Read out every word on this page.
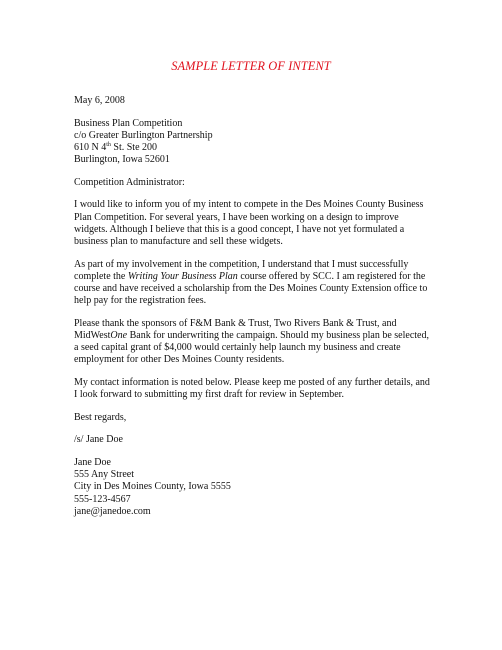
SAMPLE LETTER OF INTENT
May 6, 2008
Business Plan Competition
c/o Greater Burlington Partnership
610 N 4th St. Ste 200
Burlington, Iowa 52601
Competition Administrator:
I would like to inform you of my intent to compete in the Des Moines County Business
Plan Competition. For several years, I have been working on a design to improve
widgets. Although I believe that this is a good concept, I have not yet formulated a
business plan to manufacture and sell these widgets.
As part of my involvement in the competition, I understand that I must successfully
complete the Writing Your Business Plan course offered by SCC. I am registered for the
course and have received a scholarship from the Des Moines County Extension office to
help pay for the registration fees.
Please thank the sponsors of F&M Bank & Trust, Two Rivers Bank & Trust, and
MidWestOne Bank for underwriting the campaign. Should my business plan be selected,
a seed capital grant of $4,000 would certainly help launch my business and create
employment for other Des Moines County residents.
My contact information is noted below. Please keep me posted of any further details, and
I look forward to submitting my first draft for review in September.
Best regards,
/s/ Jane Doe
Jane Doe
555 Any Street
City in Des Moines County, Iowa 5555
555-123-4567
jane@janedoe.com
